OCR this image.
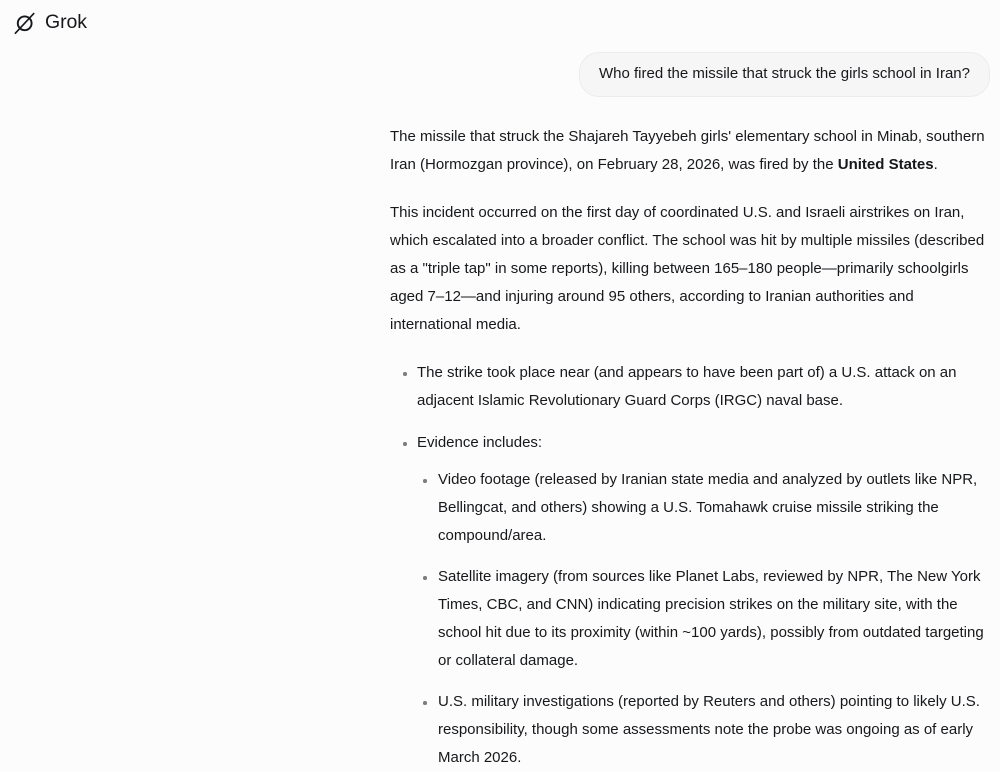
Grok
Who fired the missile that struck the girls school in Iran?

The missile that struck the Shajareh Tayyebeh girls' elementary school in Minab, southern Iran (Hormozgan province), on February 28, 2026, was fired by the United States.

This incident occurred on the first day of coordinated U.S. and Israeli airstrikes on Iran, which escalated into a broader conflict. The school was hit by multiple missiles (described as a "triple tap" in some reports), killing between 165–180 people—primarily schoolgirls aged 7–12—and injuring around 95 others, according to Iranian authorities and international media.

The strike took place near (and appears to have been part of) a U.S. attack on an adjacent Islamic Revolutionary Guard Corps (IRGC) naval base.
Evidence includes:
Video footage (released by Iranian state media and analyzed by outlets like NPR, Bellingcat, and others) showing a U.S. Tomahawk cruise missile striking the compound/area.
Satellite imagery (from sources like Planet Labs, reviewed by NPR, The New York Times, CBC, and CNN) indicating precision strikes on the military site, with the school hit due to its proximity (within ~100 yards), possibly from outdated targeting or collateral damage.
U.S. military investigations (reported by Reuters and others) pointing to likely U.S. responsibility, though some assessments note the probe was ongoing as of early March 2026.
